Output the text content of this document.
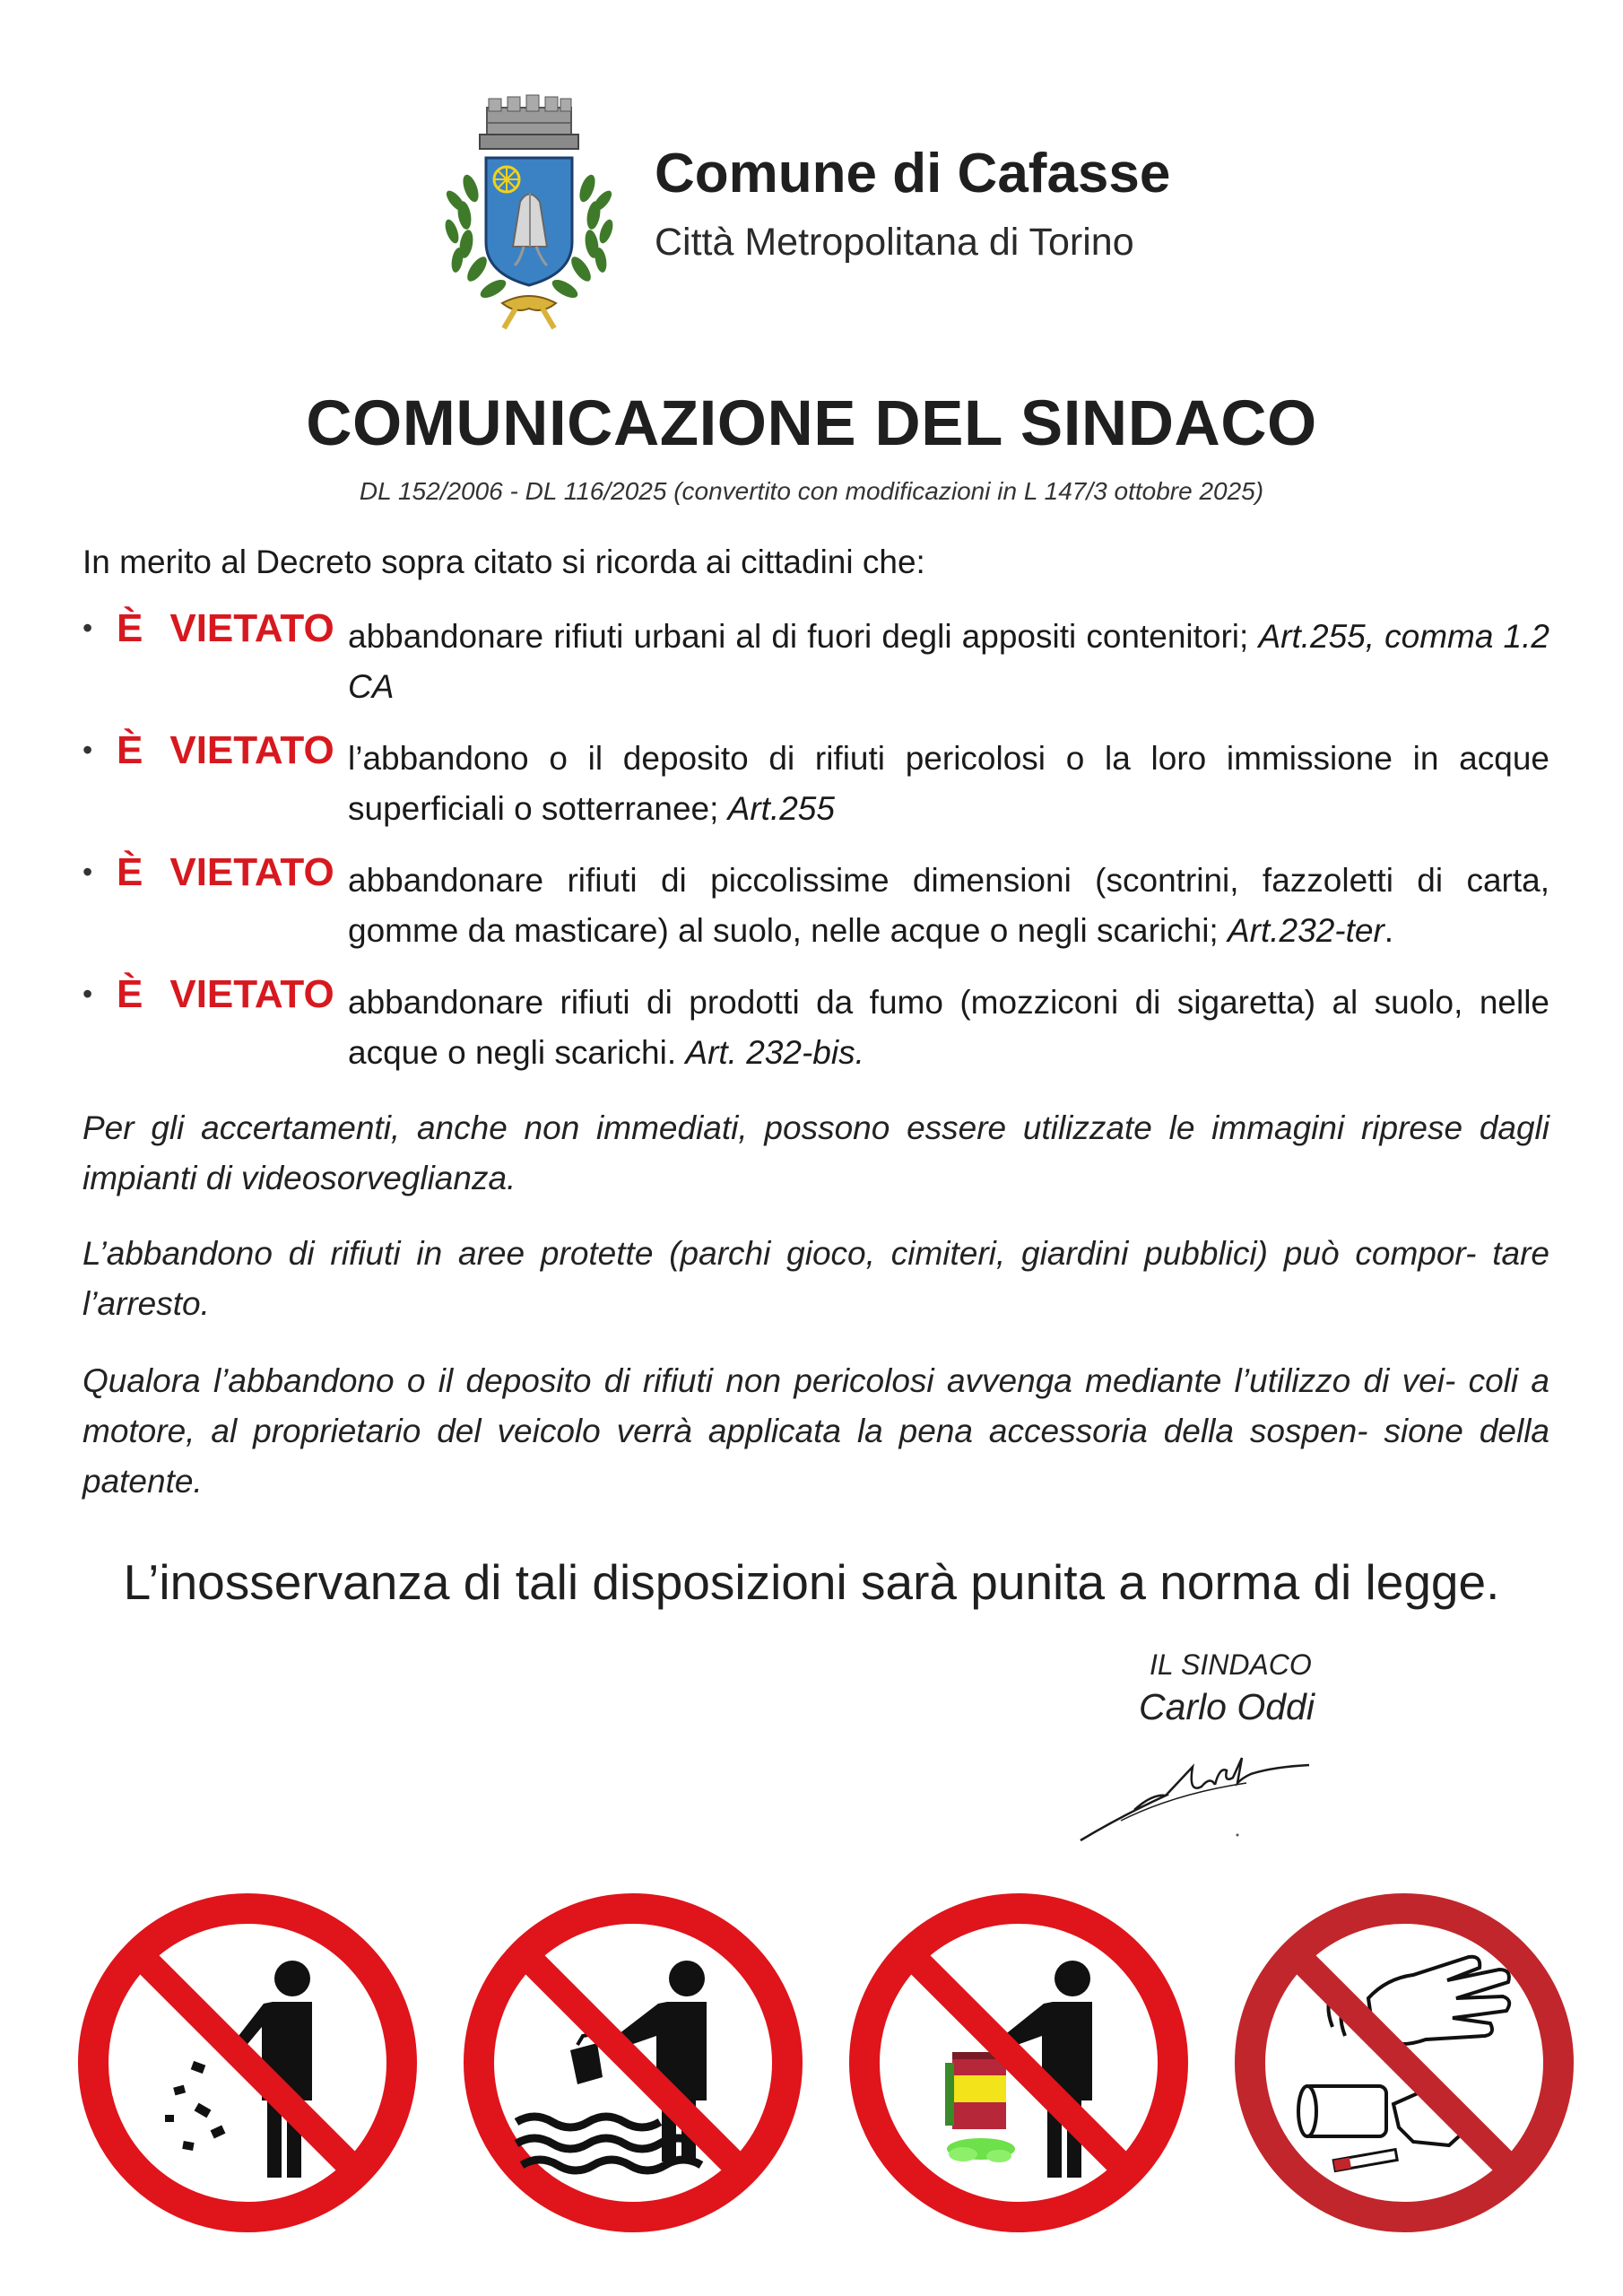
Comune di Cafasse

Città Metropolitana di Torino

COMUNICAZIONE DEL SINDACO

DL 152/2006 - DL 116/2025 (convertito con modificazioni in L 147/3 ottobre 2025)

In merito al Decreto sopra citato si ricorda ai cittadini che:

• È VIETATO abbandonare rifiuti urbani al di fuori degli appositi contenitori; Art.255, comma 1.2 CA
• È VIETATO l’abbandono o il deposito di rifiuti pericolosi o la loro immissione in acque superficiali o sotterranee; Art.255
• È VIETATO abbandonare rifiuti di piccolissime dimensioni (scontrini, fazzoletti di carta, gomme da masticare) al suolo, nelle acque o negli scarichi; Art.232-ter.
• È VIETATO abbandonare rifiuti di prodotti da fumo (mozziconi di sigaretta) al suolo, nelle acque o negli scarichi. Art. 232-bis.

Per gli accertamenti, anche non immediati, possono essere utilizzate le immagini riprese dagli impianti di videosorveglianza.

L’abbandono di rifiuti in aree protette (parchi gioco, cimiteri, giardini pubblici) può compor- tare l’arresto.

Qualora l’abbandono o il deposito di rifiuti non pericolosi avvenga mediante l’utilizzo di vei- coli a motore, al proprietario del veicolo verrà applicata la pena accessoria della sospen- sione della patente.

L’inosservanza di tali disposizioni sarà punita a norma di legge.

IL SINDACO

Carlo Oddi
